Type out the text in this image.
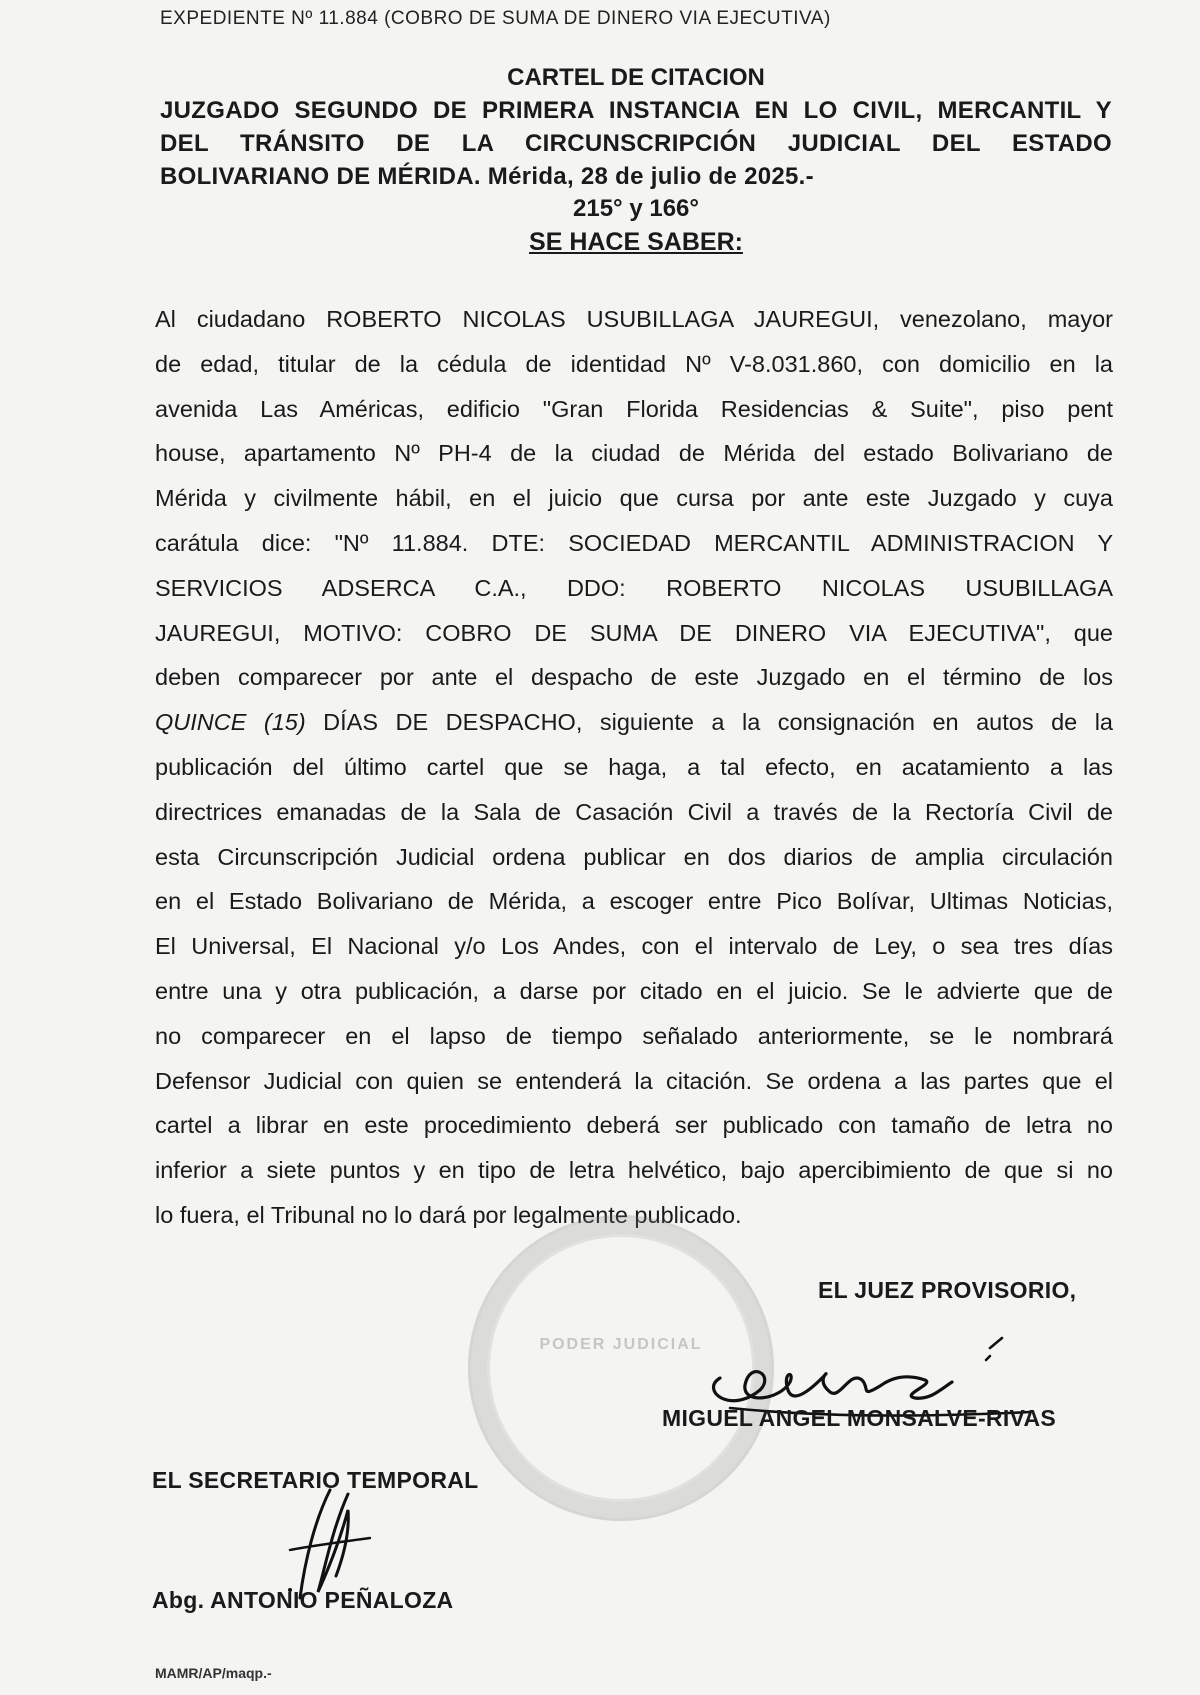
EXPEDIENTE Nº 11.884 (COBRO DE SUMA DE DINERO VIA EJECUTIVA)
CARTEL DE CITACION
JUZGADO SEGUNDO DE PRIMERA INSTANCIA EN LO CIVIL, MERCANTIL Y
DEL TRÁNSITO DE LA CIRCUNSCRIPCIÓN JUDICIAL DEL ESTADO
BOLIVARIANO DE MÉRIDA. Mérida, 28 de julio de 2025.-
215° y 166°
SE HACE SABER:
Al ciudadano ROBERTO NICOLAS USUBILLAGA JAUREGUI, venezolano, mayor
de edad, titular de la cédula de identidad Nº V-8.031.860, con domicilio en la
avenida Las Américas, edificio "Gran Florida Residencias & Suite", piso pent
house, apartamento Nº PH-4 de la ciudad de Mérida del estado Bolivariano de
Mérida y civilmente hábil, en el juicio que cursa por ante este Juzgado y cuya
carátula dice: "Nº 11.884. DTE: SOCIEDAD MERCANTIL ADMINISTRACION Y
SERVICIOS ADSERCA C.A., DDO: ROBERTO NICOLAS USUBILLAGA
JAUREGUI, MOTIVO: COBRO DE SUMA DE DINERO VIA EJECUTIVA", que
deben comparecer por ante el despacho de este Juzgado en el término de los
QUINCE (15) DÍAS DE DESPACHO, siguiente a la consignación en autos de la
publicación del último cartel que se haga, a tal efecto, en acatamiento a las
directrices emanadas de la Sala de Casación Civil a través de la Rectoría Civil de
esta Circunscripción Judicial ordena publicar en dos diarios de amplia circulación
en el Estado Bolivariano de Mérida, a escoger entre Pico Bolívar, Ultimas Noticias,
El Universal, El Nacional y/o Los Andes, con el intervalo de Ley, o sea tres días
entre una y otra publicación, a darse por citado en el juicio. Se le advierte que de
no comparecer en el lapso de tiempo señalado anteriormente, se le nombrará
Defensor Judicial con quien se entenderá la citación. Se ordena a las partes que el
cartel a librar en este procedimiento deberá ser publicado con tamaño de letra no
inferior a siete puntos y en tipo de letra helvético, bajo apercibimiento de que si no
lo fuera, el Tribunal no lo dará por legalmente publicado.
PODER JUDICIAL
EL JUEZ PROVISORIO,
MIGUEL ANGEL MONSALVE-RIVAS
EL SECRETARIO TEMPORAL
Abg. ANTONIO PEÑALOZA
MAMR/AP/maqp.-
